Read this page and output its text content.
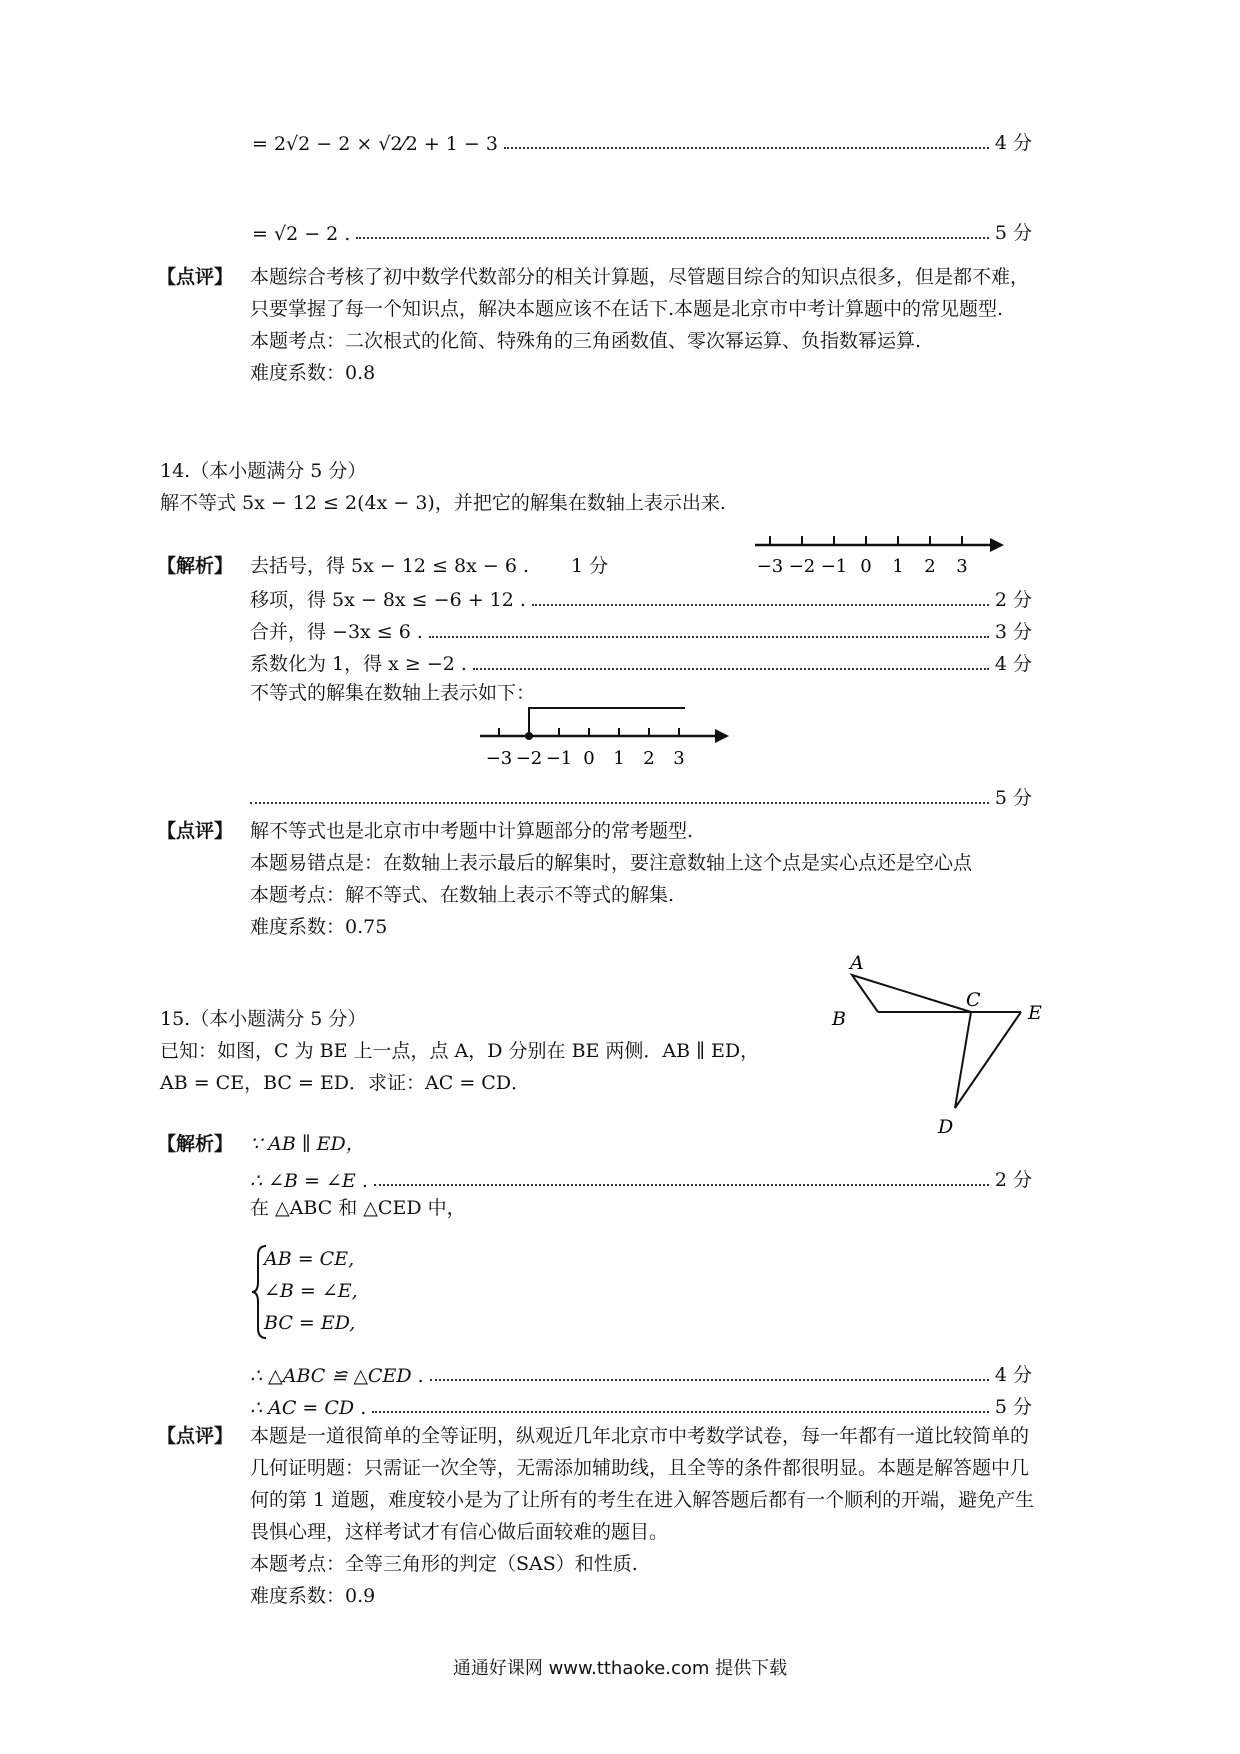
= 2√2 − 2 × √2⁄2 + 1 − 3	4 分
= √2 − 2 .	5 分
【点评】 本题综合考核了初中数学代数部分的相关计算题，尽管题目综合的知识点很多，但是都不难，
只要掌握了每一个知识点，解决本题应该不在话下.本题是北京市中考计算题中的常见题型.
本题考点：二次根式的化简、特殊角的三角函数值、零次幂运算、负指数幂运算.
难度系数：0.8
14.（本小题满分 5 分）
解不等式 5x − 12 ≤ 2(4x − 3)，并把它的解集在数轴上表示出来.
−3 −2 −1 0 1 2 3
【解析】 去括号，得 5x − 12 ≤ 8x − 6 . 1 分
移项，得 5x − 8x ≤ −6 + 12 .	2 分
合并，得 −3x ≤ 6 .	3 分
系数化为 1，得 x ≥ −2 .	4 分
不等式的解集在数轴上表示如下：
−3 −2 −1 0 1 2 3
5 分
【点评】 解不等式也是北京市中考题中计算题部分的常考题型.
本题易错点是：在数轴上表示最后的解集时，要注意数轴上这个点是实心点还是空心点
本题考点：解不等式、在数轴上表示不等式的解集.
难度系数：0.75
15.（本小题满分 5 分）
已知：如图，C 为 BE 上一点，点 A，D 分别在 BE 两侧．AB ∥ ED，
AB = CE，BC = ED．求证：AC = CD．
A
B
C
E
D
【解析】 ∵ AB ∥ ED，
∴ ∠B = ∠E .	2 分
在 △ABC 和 △CED 中，
AB = CE,
∠B = ∠E,
BC = ED,
∴ △ABC ≌ △CED .	4 分
∴ AC = CD .	5 分
【点评】 本题是一道很简单的全等证明，纵观近几年北京市中考数学试卷，每一年都有一道比较简单的
几何证明题：只需证一次全等，无需添加辅助线，且全等的条件都很明显。本题是解答题中几
何的第 1 道题，难度较小是为了让所有的考生在进入解答题后都有一个顺利的开端，避免产生
畏惧心理，这样考试才有信心做后面较难的题目。
本题考点：全等三角形的判定（SAS）和性质.
难度系数：0.9
通通好课网 www.tthaoke.com 提供下载
